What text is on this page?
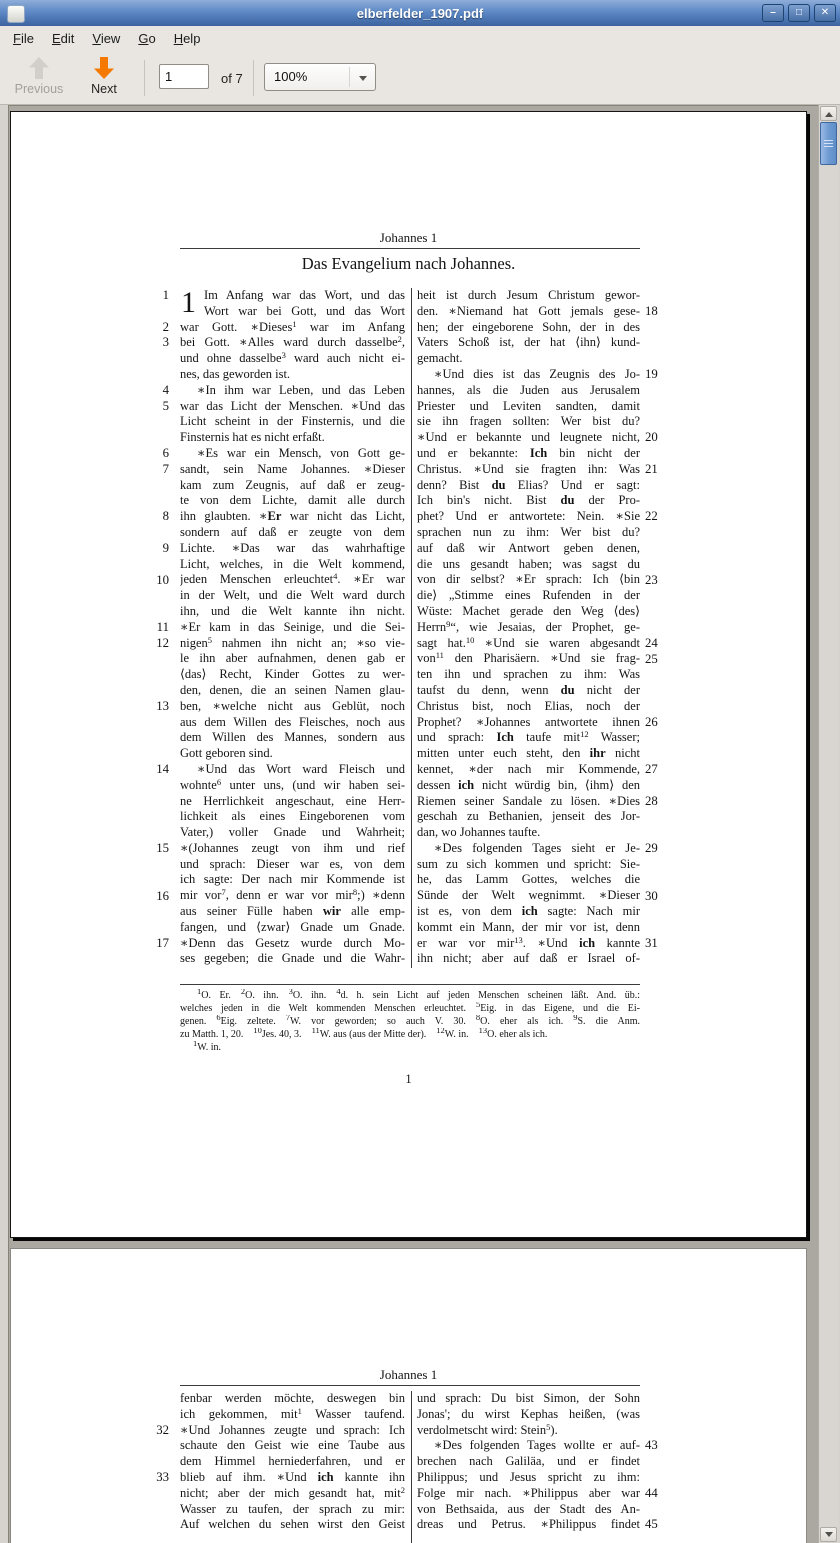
elberfelder_1907.pdf	–	□	✕
File	Edit	View	Go	Help
Previous	Next
1
of 7 100%
Johannes 1
Das Evangelium nach Johannes.
1
2
3
4
5
6
7
8
9
10
11
12
13
14
15
16
17
1 Im Anfang war das Wort, und das
Wort war bei Gott, und das Wort
war Gott. ∗Dieses$^1$ war im Anfang
bei Gott. ∗Alles ward durch dasselbe$^2$,
und ohne dasselbe$^3$ ward auch nicht ei-
nes, das geworden ist.
∗In ihm war Leben, und das Leben
war das Licht der Menschen. ∗Und das
Licht scheint in der Finsternis, und die
Finsternis hat es nicht erfaßt.
∗Es war ein Mensch, von Gott ge-
sandt, sein Name Johannes. ∗Dieser
kam zum Zeugnis, auf daß er zeug-
te von dem Lichte, damit alle durch
ihn glaubten. ∗Er war nicht das Licht,
sondern auf daß er zeugte von dem
Lichte. ∗Das war das wahrhaftige
Licht, welches, in die Welt kommend,
jeden Menschen erleuchtet$^4$. ∗Er war
in der Welt, und die Welt ward durch
ihn, und die Welt kannte ihn nicht.
∗Er kam in das Seinige, und die Sei-
nigen$^5$ nahmen ihn nicht an; ∗so vie-
le ihn aber aufnahmen, denen gab er
⟨das⟩ Recht, Kinder Gottes zu wer-
den, denen, die an seinen Namen glau-
ben, ∗welche nicht aus Geblüt, noch
aus dem Willen des Fleisches, noch aus
dem Willen des Mannes, sondern aus
Gott geboren sind.
∗Und das Wort ward Fleisch und
wohnte$^6$ unter uns, (und wir haben sei-
ne Herrlichkeit angeschaut, eine Herr-
lichkeit als eines Eingeborenen vom
Vater,) voller Gnade und Wahrheit;
∗(Johannes zeugt von ihm und rief
und sprach: Dieser war es, von dem
ich sagte: Der nach mir Kommende ist
mir vor$^7$, denn er war vor mir$^8$;) ∗denn
aus seiner Fülle haben wir alle emp-
fangen, und ⟨zwar⟩ Gnade um Gnade.
∗Denn das Gesetz wurde durch Mo-
ses gegeben; die Gnade und die Wahr-
heit ist durch Jesum Christum gewor-
den. ∗Niemand hat Gott jemals gese-
hen; der eingeborene Sohn, der in des
Vaters Schoß ist, der hat ⟨ihn⟩ kund-
gemacht.
∗Und dies ist das Zeugnis des Jo-
hannes, als die Juden aus Jerusalem
Priester und Leviten sandten, damit
sie ihn fragen sollten: Wer bist du?
∗Und er bekannte und leugnete nicht,
und er bekannte: Ich bin nicht der
Christus. ∗Und sie fragten ihn: Was
denn? Bist du Elias? Und er sagt:
Ich bin's nicht. Bist du der Pro-
phet? Und er antwortete: Nein. ∗Sie
sprachen nun zu ihm: Wer bist du?
auf daß wir Antwort geben denen,
die uns gesandt haben; was sagst du
von dir selbst? ∗Er sprach: Ich ⟨bin
die⟩ „Stimme eines Rufenden in der
Wüste: Machet gerade den Weg ⟨des⟩
Herrn$^9$“, wie Jesaias, der Prophet, ge-
sagt hat.$^{10}$ ∗Und sie waren abgesandt
von$^{11}$ den Pharisäern. ∗Und sie frag-
ten ihn und sprachen zu ihm: Was
taufst du denn, wenn du nicht der
Christus bist, noch Elias, noch der
Prophet? ∗Johannes antwortete ihnen
und sprach: Ich taufe mit$^{12}$ Wasser;
mitten unter euch steht, den ihr nicht
kennet, ∗der nach mir Kommende,
dessen ich nicht würdig bin, ⟨ihm⟩ den
Riemen seiner Sandale zu lösen. ∗Dies
geschah zu Bethanien, jenseit des Jor-
dan, wo Johannes taufte.
∗Des folgenden Tages sieht er Je-
sum zu sich kommen und spricht: Sie-
he, das Lamm Gottes, welches die
Sünde der Welt wegnimmt. ∗Dieser
ist es, von dem ich sagte: Nach mir
kommt ein Mann, der mir vor ist, denn
er war vor mir$^{13}$. ∗Und ich kannte
ihn nicht; aber auf daß er Israel of-
18
19
20
21
22
23
24
25
26
27
28
29
30
31
$^1$O. Er.  $^2$O. ihn.  $^3$O. ihn.  $^4$d. h. sein Licht auf jeden Menschen scheinen läßt. And. üb.:
welches jeden in die Welt kommenden Menschen erleuchtet.  $^5$Eig. in das Eigene, und die Ei-
genen.  $^6$Eig. zeltete.  $^7$W. vor geworden; so auch V. 30.  $^8$O. eher als ich.  $^9$S. die Anm.
zu Matth. 1, 20.  $^{10}$Jes. 40, 3.  $^{11}$W. aus (aus der Mitte der).  $^{12}$W. in.  $^{13}$O. eher als ich.
$^1$W. in.
1
Johannes 1
32
33
fenbar werden möchte, deswegen bin
ich gekommen, mit$^1$ Wasser taufend.
∗Und Johannes zeugte und sprach: Ich
schaute den Geist wie eine Taube aus
dem Himmel herniederfahren, und er
blieb auf ihm. ∗Und ich kannte ihn
nicht; aber der mich gesandt hat, mit$^2$
Wasser zu taufen, der sprach zu mir:
Auf welchen du sehen wirst den Geist
und sprach: Du bist Simon, der Sohn
Jonas'; du wirst Kephas heißen, (was
verdolmetscht wird: Stein$^5$).
∗Des folgenden Tages wollte er auf-
brechen nach Galiläa, und er findet
Philippus; und Jesus spricht zu ihm:
Folge mir nach. ∗Philippus aber war
von Bethsaida, aus der Stadt des An-
dreas und Petrus. ∗Philippus findet
43
44
45
